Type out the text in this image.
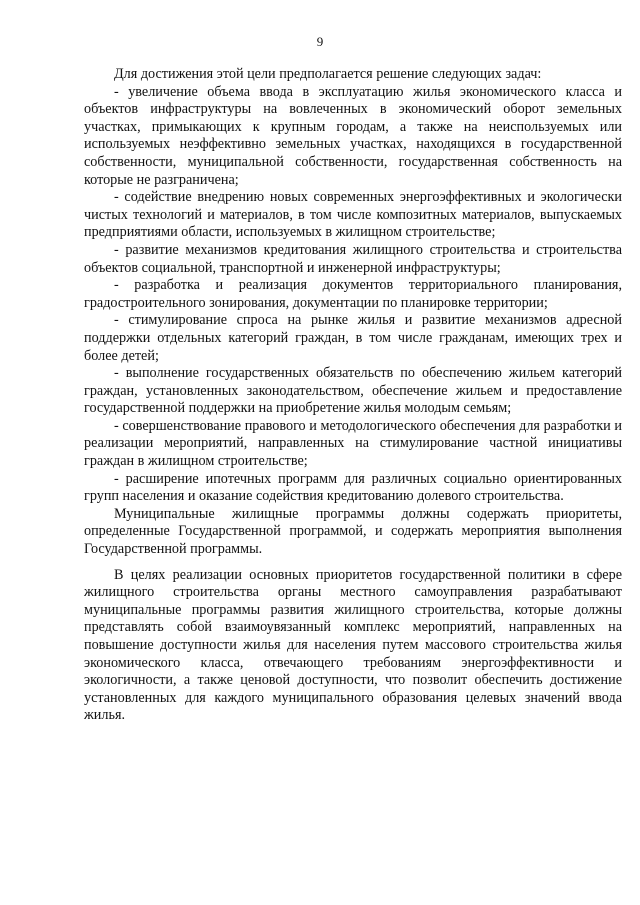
9

Для достижения этой цели предполагается решение следующих задач:

- увеличение объема ввода в эксплуатацию жилья экономического класса и объектов инфраструктуры на вовлеченных в экономический оборот земельных участках, примыкающих к крупным городам, а также на неиспользуемых или используемых неэффективно земельных участках, находящихся в государственной собственности, муниципальной собственности, государственная собственность на которые не разграничена;

- содействие внедрению новых современных энергоэффективных и экологически чистых технологий и материалов, в том числе композитных материалов, выпускаемых предприятиями области, используемых в жилищном строительстве;

- развитие механизмов кредитования жилищного строительства и строительства объектов социальной, транспортной и инженерной инфраструктуры;

- разработка и реализация документов территориального планирования, градостроительного зонирования, документации по планировке территории;

- стимулирование спроса на рынке жилья и развитие механизмов адресной поддержки отдельных категорий граждан, в том числе гражданам, имеющих трех и более детей;

- выполнение государственных обязательств по обеспечению жильем категорий граждан, установленных законодательством, обеспечение жильем и предоставление государственной поддержки на приобретение жилья молодым семьям;

- совершенствование правового и методологического обеспечения для разработки и реализации мероприятий, направленных на стимулирование частной инициативы граждан в жилищном строительстве;

- расширение ипотечных программ для различных социально ориентированных групп населения и оказание содействия кредитованию долевого строительства.

Муниципальные жилищные программы должны содержать приоритеты, определенные Государственной программой, и содержать мероприятия выполнения Государственной программы.

В целях реализации основных приоритетов государственной политики в сфере жилищного строительства органы местного самоуправления разрабатывают муниципальные программы развития жилищного строительства, которые должны представлять собой взаимоувязанный комплекс мероприятий, направленных на повышение доступности жилья для населения путем массового строительства жилья экономического класса, отвечающего требованиям энергоэффективности и экологичности, а также ценовой доступности, что позволит обеспечить достижение установленных для каждого муниципального образования целевых значений ввода жилья.
